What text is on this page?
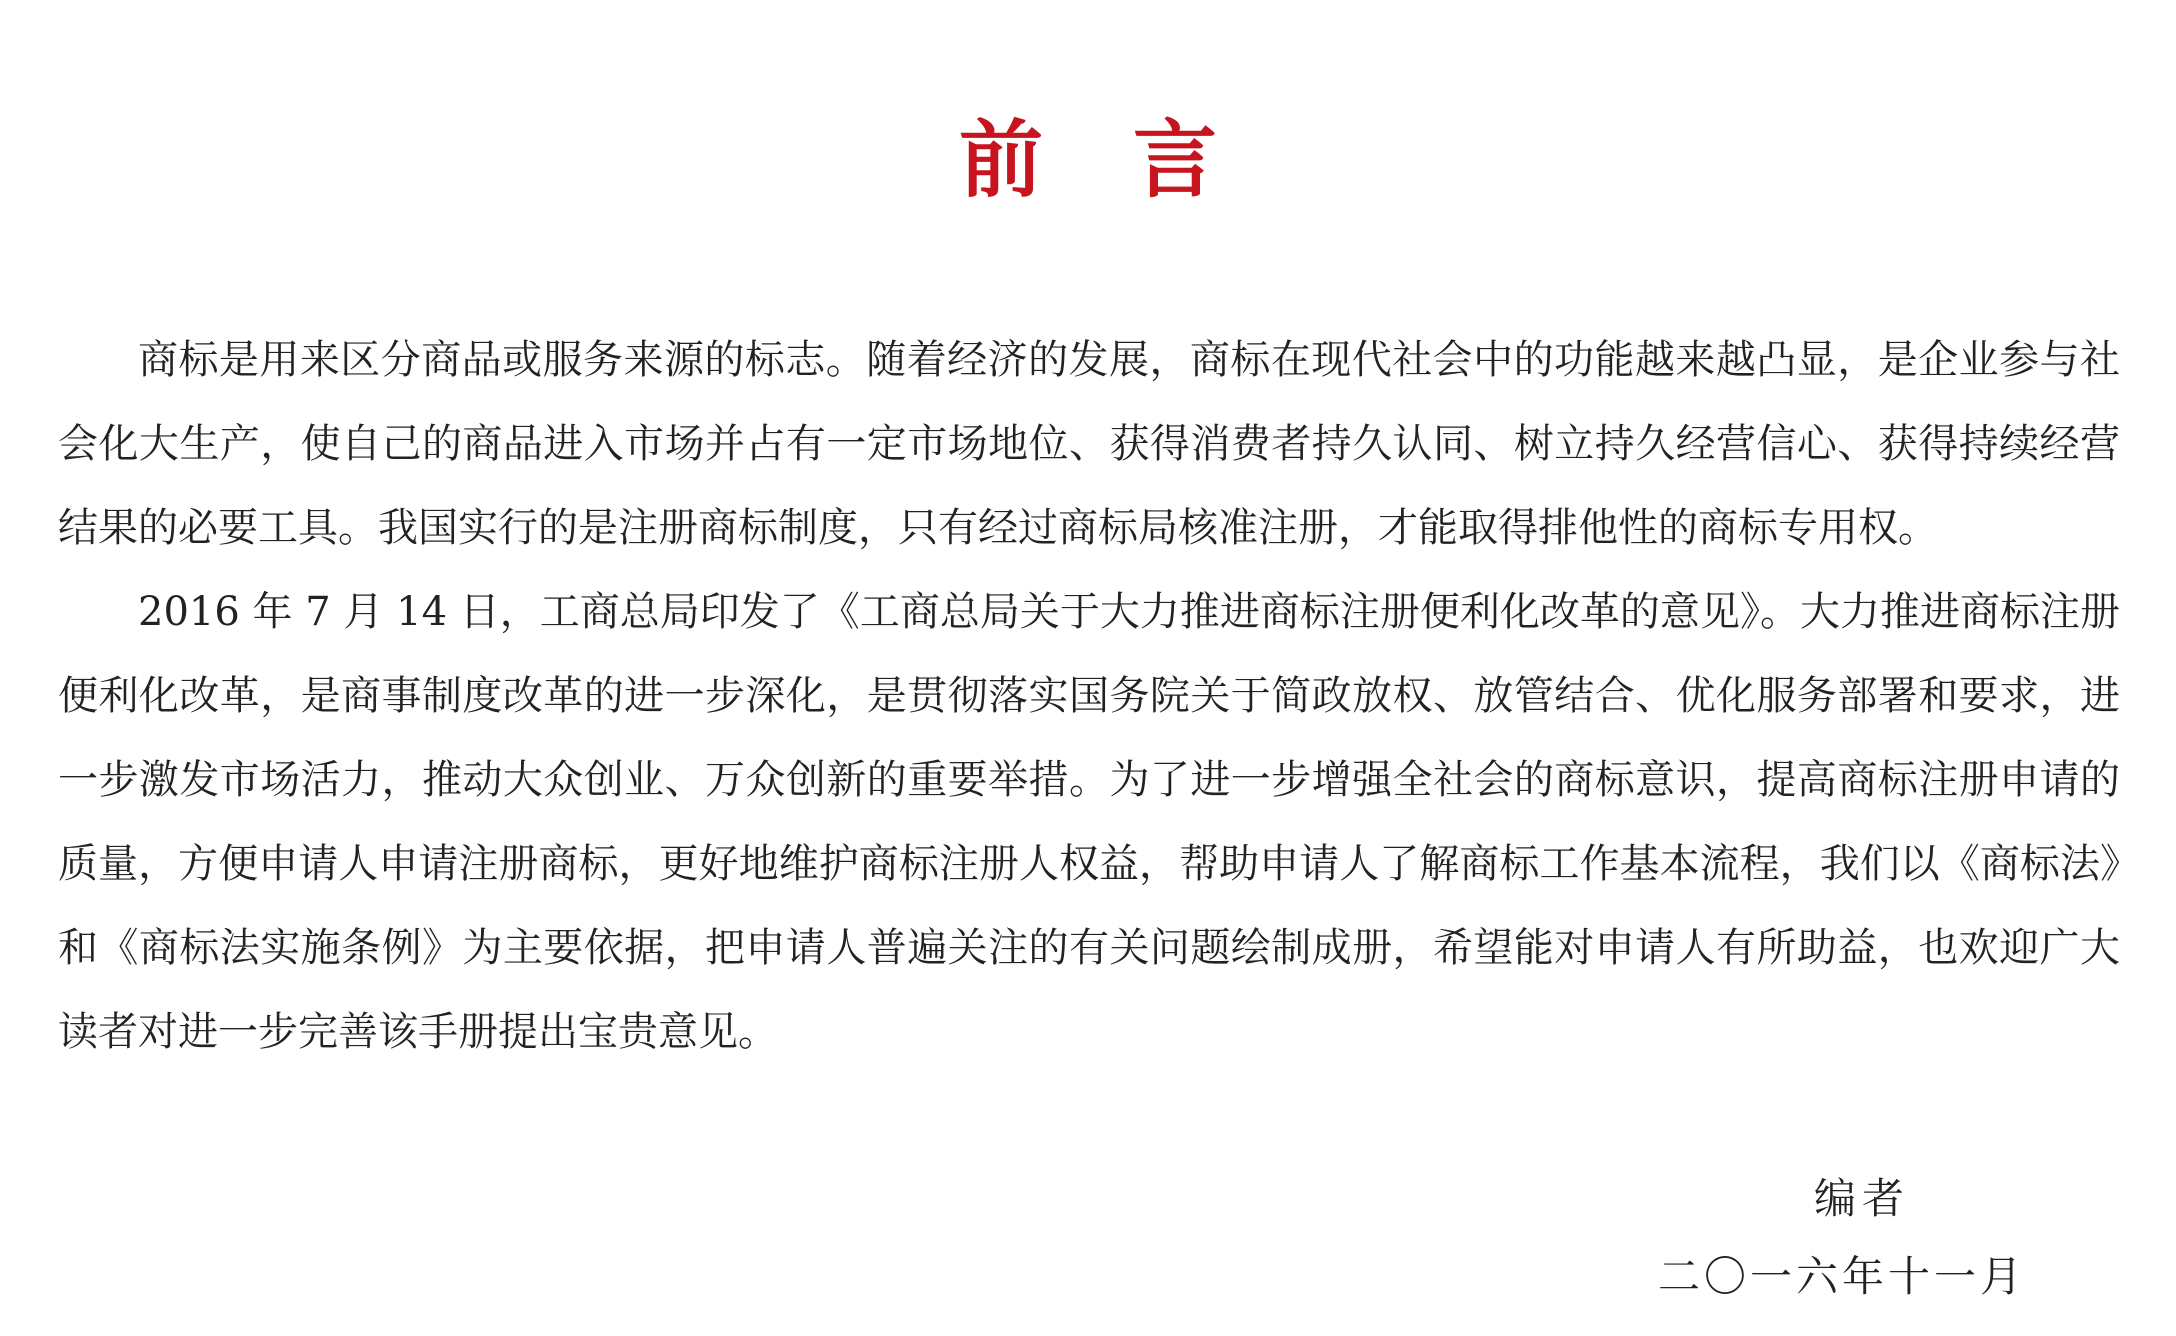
前言

商标是用来区分商品或服务来源的标志。随着经济的发展，商标在现代社会中的功能越来越凸显，是企业参与社会化大生产，使自己的商品进入市场并占有一定市场地位、获得消费者持久认同、树立持久经营信心、获得持续经营结果的必要工具。我国实行的是注册商标制度，只有经过商标局核准注册，才能取得排他性的商标专用权。

2016 年 7 月 14 日，工商总局印发了《工商总局关于大力推进商标注册便利化改革的意见》。大力推进商标注册便利化改革，是商事制度改革的进一步深化，是贯彻落实国务院关于简政放权、放管结合、优化服务部署和要求，进一步激发市场活力，推动大众创业、万众创新的重要举措。为了进一步增强全社会的商标意识，提高商标注册申请的质量，方便申请人申请注册商标，更好地维护商标注册人权益，帮助申请人了解商标工作基本流程，我们以《商标法》和《商标法实施条例》为主要依据，把申请人普遍关注的有关问题绘制成册，希望能对申请人有所助益，也欢迎广大读者对进一步完善该手册提出宝贵意见。

编者
二〇一六年十一月
